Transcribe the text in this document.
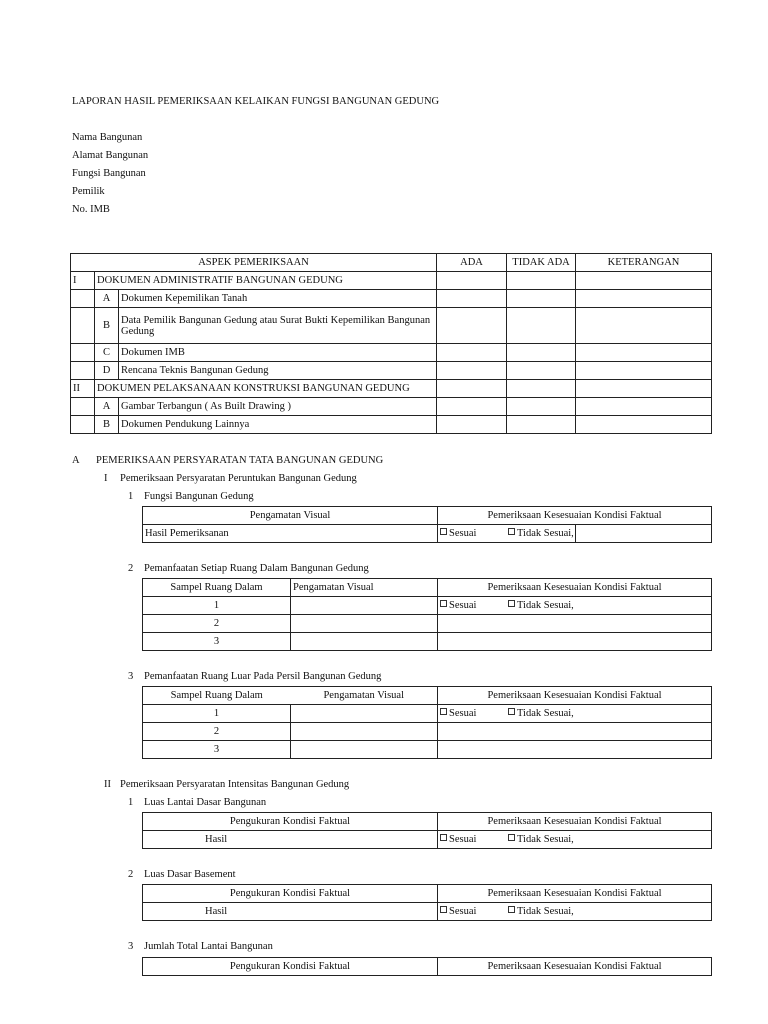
LAPORAN HASIL PEMERIKSAAN KELAIKAN FUNGSI BANGUNAN GEDUNG
Nama Bangunan
Alamat Bangunan
Fungsi Bangunan
Pemilik
No. IMB
ASPEK PEMERIKSAAN			ADA	TIDAK ADA	KETERANGAN
I	DOKUMEN ADMINISTRATIF BANGUNAN GEDUNG				
	A	Dokumen Kepemilikan Tanah			
	B	Data Pemilik Bangunan Gedung atau Surat Bukti Kepemilikan Bangunan Gedung			
	C	Dokumen IMB			
	D	Rencana Teknis Bangunan Gedung			
II	DOKUMEN PELAKSANAAN KONSTRUKSI BANGUNAN GEDUNG				
	A	Gambar Terbangun ( As Built Drawing )			
	B	Dokumen Pendukung Lainnya			
A PEMERIKSAAN PERSYARATAN TATA BANGUNAN GEDUNG
I Pemeriksaan Persyaratan Peruntukan Bangunan Gedung
1 Fungsi Bangunan Gedung
Pengamatan Visual	Pemeriksaan Kesesuaian Kondisi Faktual	
Hasil Pemeriksanan	Sesuai Tidak Sesuai,	
2 Pemanfaatan Setiap Ruang Dalam Bangunan Gedung
Sampel Ruang Dalam	Pengamatan Visual	Pemeriksaan Kesesuaian Kondisi Faktual
1		Sesuai Tidak Sesuai,
2		
3		
3 Pemanfaatan Ruang Luar Pada Persil Bangunan Gedung
Sampel Ruang Dalam	Pengamatan Visual	Pemeriksaan Kesesuaian Kondisi Faktual
1		Sesuai Tidak Sesuai,
2		
3		
II Pemeriksaan Persyaratan Intensitas Bangunan Gedung
1 Luas Lantai Dasar Bangunan
Pengukuran Kondisi Faktual	Pemeriksaan Kesesuaian Kondisi Faktual
Hasil	Sesuai Tidak Sesuai,
2 Luas Dasar Basement
Pengukuran Kondisi Faktual	Pemeriksaan Kesesuaian Kondisi Faktual
Hasil	Sesuai Tidak Sesuai,
3 Jumlah Total Lantai Bangunan
Pengukuran Kondisi Faktual	Pemeriksaan Kesesuaian Kondisi Faktual
